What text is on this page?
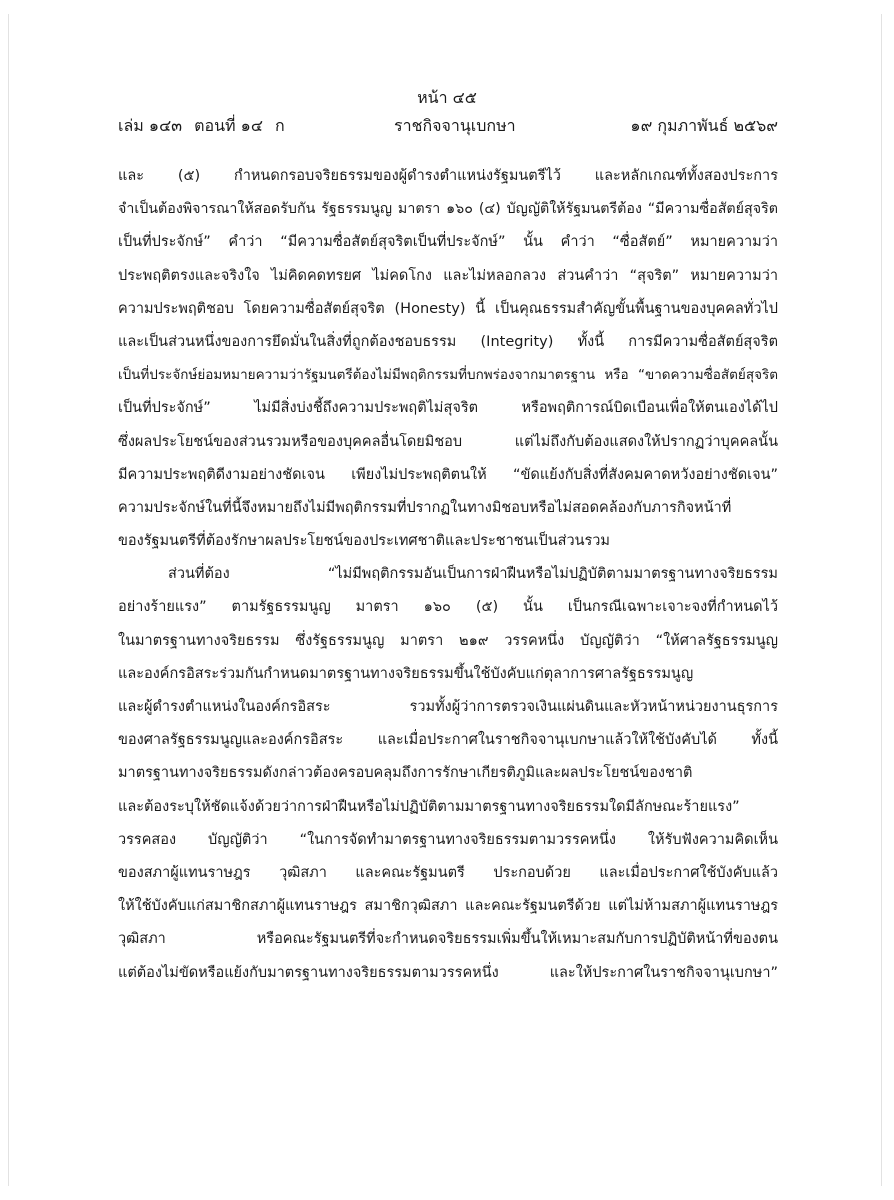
หน้า ๔๕
เล่ม ๑๔๓ ตอนที่ ๑๔ ก	ราชกิจจานุเบกษา	๑๙ กุมภาพันธ์ ๒๕๖๙
และ (๕) กำหนดกรอบจริยธรรมของผู้ดำรงตำแหน่งรัฐมนตรีไว้ และหลักเกณฑ์ทั้งสองประการ
จำเป็นต้องพิจารณาให้สอดรับกัน รัฐธรรมนูญ มาตรา ๑๖๐ (๔) บัญญัติให้รัฐมนตรีต้อง “มีความซื่อสัตย์สุจริต
เป็นที่ประจักษ์” คำว่า “มีความซื่อสัตย์สุจริตเป็นที่ประจักษ์” นั้น คำว่า “ซื่อสัตย์” หมายความว่า
ประพฤติตรงและจริงใจ ไม่คิดคดทรยศ ไม่คดโกง และไม่หลอกลวง ส่วนคำว่า “สุจริต” หมายความว่า
ความประพฤติชอบ โดยความซื่อสัตย์สุจริต (Honesty) นี้ เป็นคุณธรรมสำคัญขั้นพื้นฐานของบุคคลทั่วไป
และเป็นส่วนหนึ่งของการยึดมั่นในสิ่งที่ถูกต้องชอบธรรม (Integrity) ทั้งนี้ การมีความซื่อสัตย์สุจริต
เป็นที่ประจักษ์ย่อมหมายความว่ารัฐมนตรีต้องไม่มีพฤติกรรมที่บกพร่องจากมาตรฐาน หรือ “ขาดความซื่อสัตย์สุจริต
เป็นที่ประจักษ์” ไม่มีสิ่งบ่งชี้ถึงความประพฤติไม่สุจริต หรือพฤติการณ์บิดเบือนเพื่อให้ตนเองได้ไป
ซึ่งผลประโยชน์ของส่วนรวมหรือของบุคคลอื่นโดยมิชอบ แต่ไม่ถึงกับต้องแสดงให้ปรากฏว่าบุคคลนั้น
มีความประพฤติดีงามอย่างชัดเจน เพียงไม่ประพฤติตนให้ “ขัดแย้งกับสิ่งที่สังคมคาดหวังอย่างชัดเจน”
ความประจักษ์ในที่นี้จึงหมายถึงไม่มีพฤติกรรมที่ปรากฏในทางมิชอบหรือไม่สอดคล้องกับภารกิจหน้าที่
ของรัฐมนตรีที่ต้องรักษาผลประโยชน์ของประเทศชาติและประชาชนเป็นส่วนรวม
ส่วนที่ต้อง “ไม่มีพฤติกรรมอันเป็นการฝ่าฝืนหรือไม่ปฏิบัติตามมาตรฐานทางจริยธรรม
อย่างร้ายแรง” ตามรัฐธรรมนูญ มาตรา ๑๖๐ (๕) นั้น เป็นกรณีเฉพาะเจาะจงที่กำหนดไว้
ในมาตรฐานทางจริยธรรม ซึ่งรัฐธรรมนูญ มาตรา ๒๑๙ วรรคหนึ่ง บัญญัติว่า “ให้ศาลรัฐธรรมนูญ
และองค์กรอิสระร่วมกันกำหนดมาตรฐานทางจริยธรรมขึ้นใช้บังคับแก่ตุลาการศาลรัฐธรรมนูญ
และผู้ดำรงตำแหน่งในองค์กรอิสระ รวมทั้งผู้ว่าการตรวจเงินแผ่นดินและหัวหน้าหน่วยงานธุรการ
ของศาลรัฐธรรมนูญและองค์กรอิสระ และเมื่อประกาศในราชกิจจานุเบกษาแล้วให้ใช้บังคับได้ ทั้งนี้
มาตรฐานทางจริยธรรมดังกล่าวต้องครอบคลุมถึงการรักษาเกียรติภูมิและผลประโยชน์ของชาติ
และต้องระบุให้ชัดแจ้งด้วยว่าการฝ่าฝืนหรือไม่ปฏิบัติตามมาตรฐานทางจริยธรรมใดมีลักษณะร้ายแรง”
วรรคสอง บัญญัติว่า “ในการจัดทำมาตรฐานทางจริยธรรมตามวรรคหนึ่ง ให้รับฟังความคิดเห็น
ของสภาผู้แทนราษฎร วุฒิสภา และคณะรัฐมนตรี ประกอบด้วย และเมื่อประกาศใช้บังคับแล้ว
ให้ใช้บังคับแก่สมาชิกสภาผู้แทนราษฎร สมาชิกวุฒิสภา และคณะรัฐมนตรีด้วย แต่ไม่ห้ามสภาผู้แทนราษฎร
วุฒิสภา หรือคณะรัฐมนตรีที่จะกำหนดจริยธรรมเพิ่มขึ้นให้เหมาะสมกับการปฏิบัติหน้าที่ของตน
แต่ต้องไม่ขัดหรือแย้งกับมาตรฐานทางจริยธรรมตามวรรคหนึ่ง และให้ประกาศในราชกิจจานุเบกษา”
